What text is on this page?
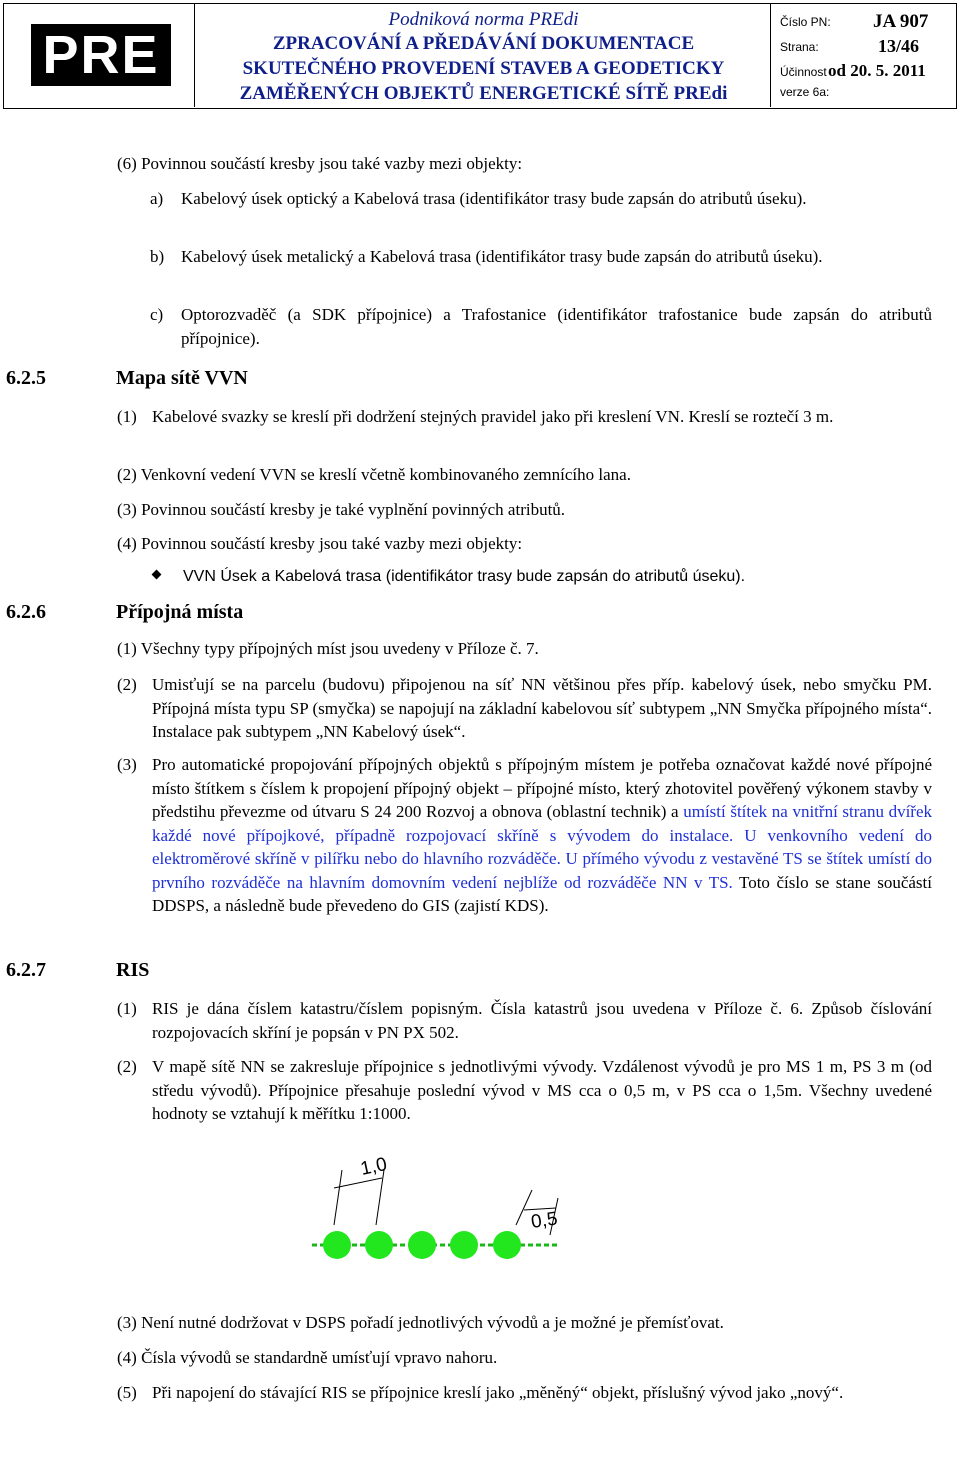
PRE
Podniková norma PREdi
ZPRACOVÁNÍ A PŘEDÁVÁNÍ DOKUMENTACE
SKUTEČNÉHO PROVEDENÍ STAVEB A GEODETICKY
ZAMĚŘENÝCH OBJEKTŮ ENERGETICKÉ SÍTĚ PREdi
Číslo PN: JA 907
Strana:	13/46
Účinnost od 20. 5. 2011
verze 6a:
(6) Povinnou součástí kresby jsou také vazby mezi objekty:
a) Kabelový úsek optický a Kabelová trasa (identifikátor trasy bude zapsán do atributů úseku).
b) Kabelový úsek metalický a Kabelová trasa (identifikátor trasy bude zapsán do atributů úseku).
c) Optorozvaděč (a SDK přípojnice) a Trafostanice (identifikátor trafostanice bude zapsán do atributů přípojnice).
6.2.5	Mapa sítě VVN
(1) Kabelové svazky se kreslí při dodržení stejných pravidel jako při kreslení VN. Kreslí se roztečí 3 m.
(2) Venkovní vedení VVN se kreslí včetně kombinovaného zemnícího lana.
(3) Povinnou součástí kresby je také vyplnění povinných atributů.
(4) Povinnou součástí kresby jsou také vazby mezi objekty:
VVN Úsek a Kabelová trasa (identifikátor trasy bude zapsán do atributů úseku).
6.2.6	Přípojná místa
(1) Všechny typy přípojných míst jsou uvedeny v Příloze č. 7.
(2) Umisťují se na parcelu (budovu) připojenou na síť NN většinou přes příp. kabelový úsek, nebo smyčku PM. Přípojná místa typu SP (smyčka) se napojují na základní kabelovou síť subtypem „NN Smyčka přípojného místa“. Instalace pak subtypem „NN Kabelový úsek“.
(3) Pro automatické propojování přípojných objektů s přípojným místem je potřeba označovat každé nové přípojné místo štítkem s číslem k propojení přípojný objekt – přípojné místo, který zhotovitel pověřený výkonem stavby v předstihu převezme od útvaru S 24 200 Rozvoj a obnova (oblastní technik) a umístí štítek na vnitřní stranu dvířek každé nové přípojkové, případně rozpojovací skříně s vývodem do instalace. U venkovního vedení do elektroměrové skříně v pilířku nebo do hlavního rozváděče. U přímého vývodu z vestavěné TS se štítek umístí do prvního rozváděče na hlavním domovním vedení nejblíže od rozváděče NN v TS. Toto číslo se stane součástí DDSPS, a následně bude převedeno do GIS (zajistí KDS).
6.2.7	RIS
(1) RIS je dána číslem katastru/číslem popisným. Čísla katastrů jsou uvedena v Příloze č. 6. Způsob číslování rozpojovacích skříní je popsán v PN PX 502.
(2) V mapě sítě NN se zakresluje přípojnice s jednotlivými vývody. Vzdálenost vývodů je pro MS 1 m, PS 3 m (od středu vývodů). Přípojnice přesahuje poslední vývod v MS cca o 0,5 m, v PS cca o 1,5m. Všechny uvedené hodnoty se vztahují k měřítku 1:1000.
1,0
0,5
(3) Není nutné dodržovat v DSPS pořadí jednotlivých vývodů a je možné je přemísťovat.
(4) Čísla vývodů se standardně umísťují vpravo nahoru.
(5) Při napojení do stávající RIS se přípojnice kreslí jako „měněný“ objekt, příslušný vývod jako „nový“.
